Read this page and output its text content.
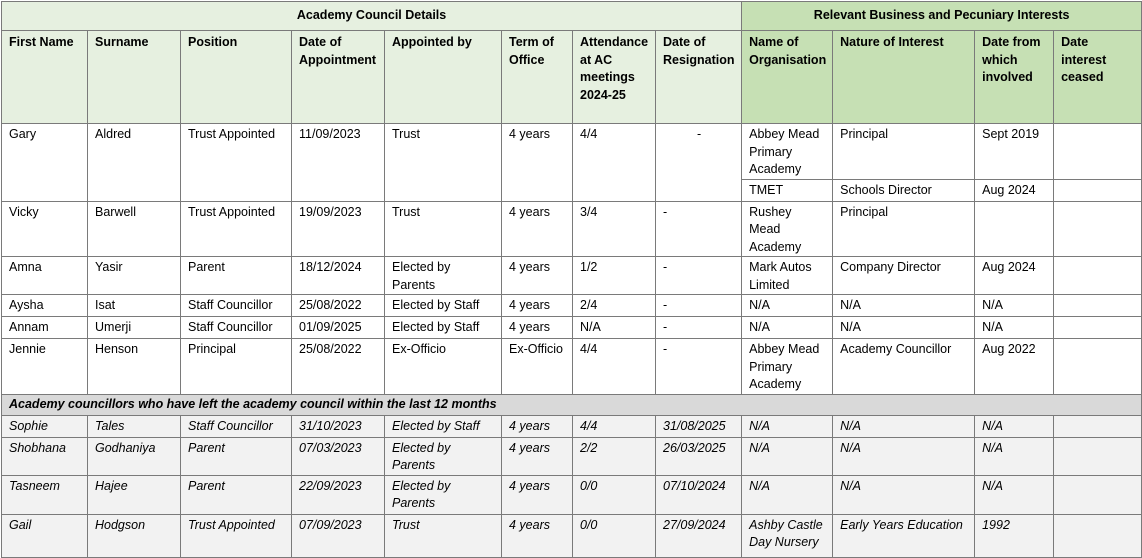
Academy Council Details								Relevant Business and Pecuniary Interests			
First Name	Surname	Position	Date of Appointment	Appointed by	Term of Office	Attendance at AC meetings 2024-25	Date of Resignation	Name of Organisation	Nature of Interest	Date from which involved	Date interest ceased
Gary	Aldred	Trust Appointed	11/09/2023	Trust	4 years	4/4	-	Abbey Mead Primary Academy	Principal	Sept 2019	
								TMET	Schools Director	Aug 2024	
Vicky	Barwell	Trust Appointed	19/09/2023	Trust	4 years	3/4	-	Rushey Mead Academy	Principal		
Amna	Yasir	Parent	18/12/2024	Elected by Parents	4 years	1/2	-	Mark Autos Limited	Company Director	Aug 2024	
Aysha	Isat	Staff Councillor	25/08/2022	Elected by Staff	4 years	2/4	-	N/A	N/A	N/A	
Annam	Umerji	Staff Councillor	01/09/2025	Elected by Staff	4 years	N/A	-	N/A	N/A	N/A	
Jennie	Henson	Principal	25/08/2022	Ex-Officio	Ex-Officio	4/4	-	Abbey Mead Primary Academy	Academy Councillor	Aug 2022	
Academy councillors who have left the academy council within the last 12 months											
Sophie	Tales	Staff Councillor	31/10/2023	Elected by Staff	4 years	4/4	31/08/2025	N/A	N/A	N/A	
Shobhana	Godhaniya	Parent	07/03/2023	Elected by Parents	4 years	2/2	26/03/2025	N/A	N/A	N/A	
Tasneem	Hajee	Parent	22/09/2023	Elected by Parents	4 years	0/0	07/10/2024	N/A	N/A	N/A	
Gail	Hodgson	Trust Appointed	07/09/2023	Trust	4 years	0/0	27/09/2024	Ashby Castle Day Nursery	Early Years Education	1992	
